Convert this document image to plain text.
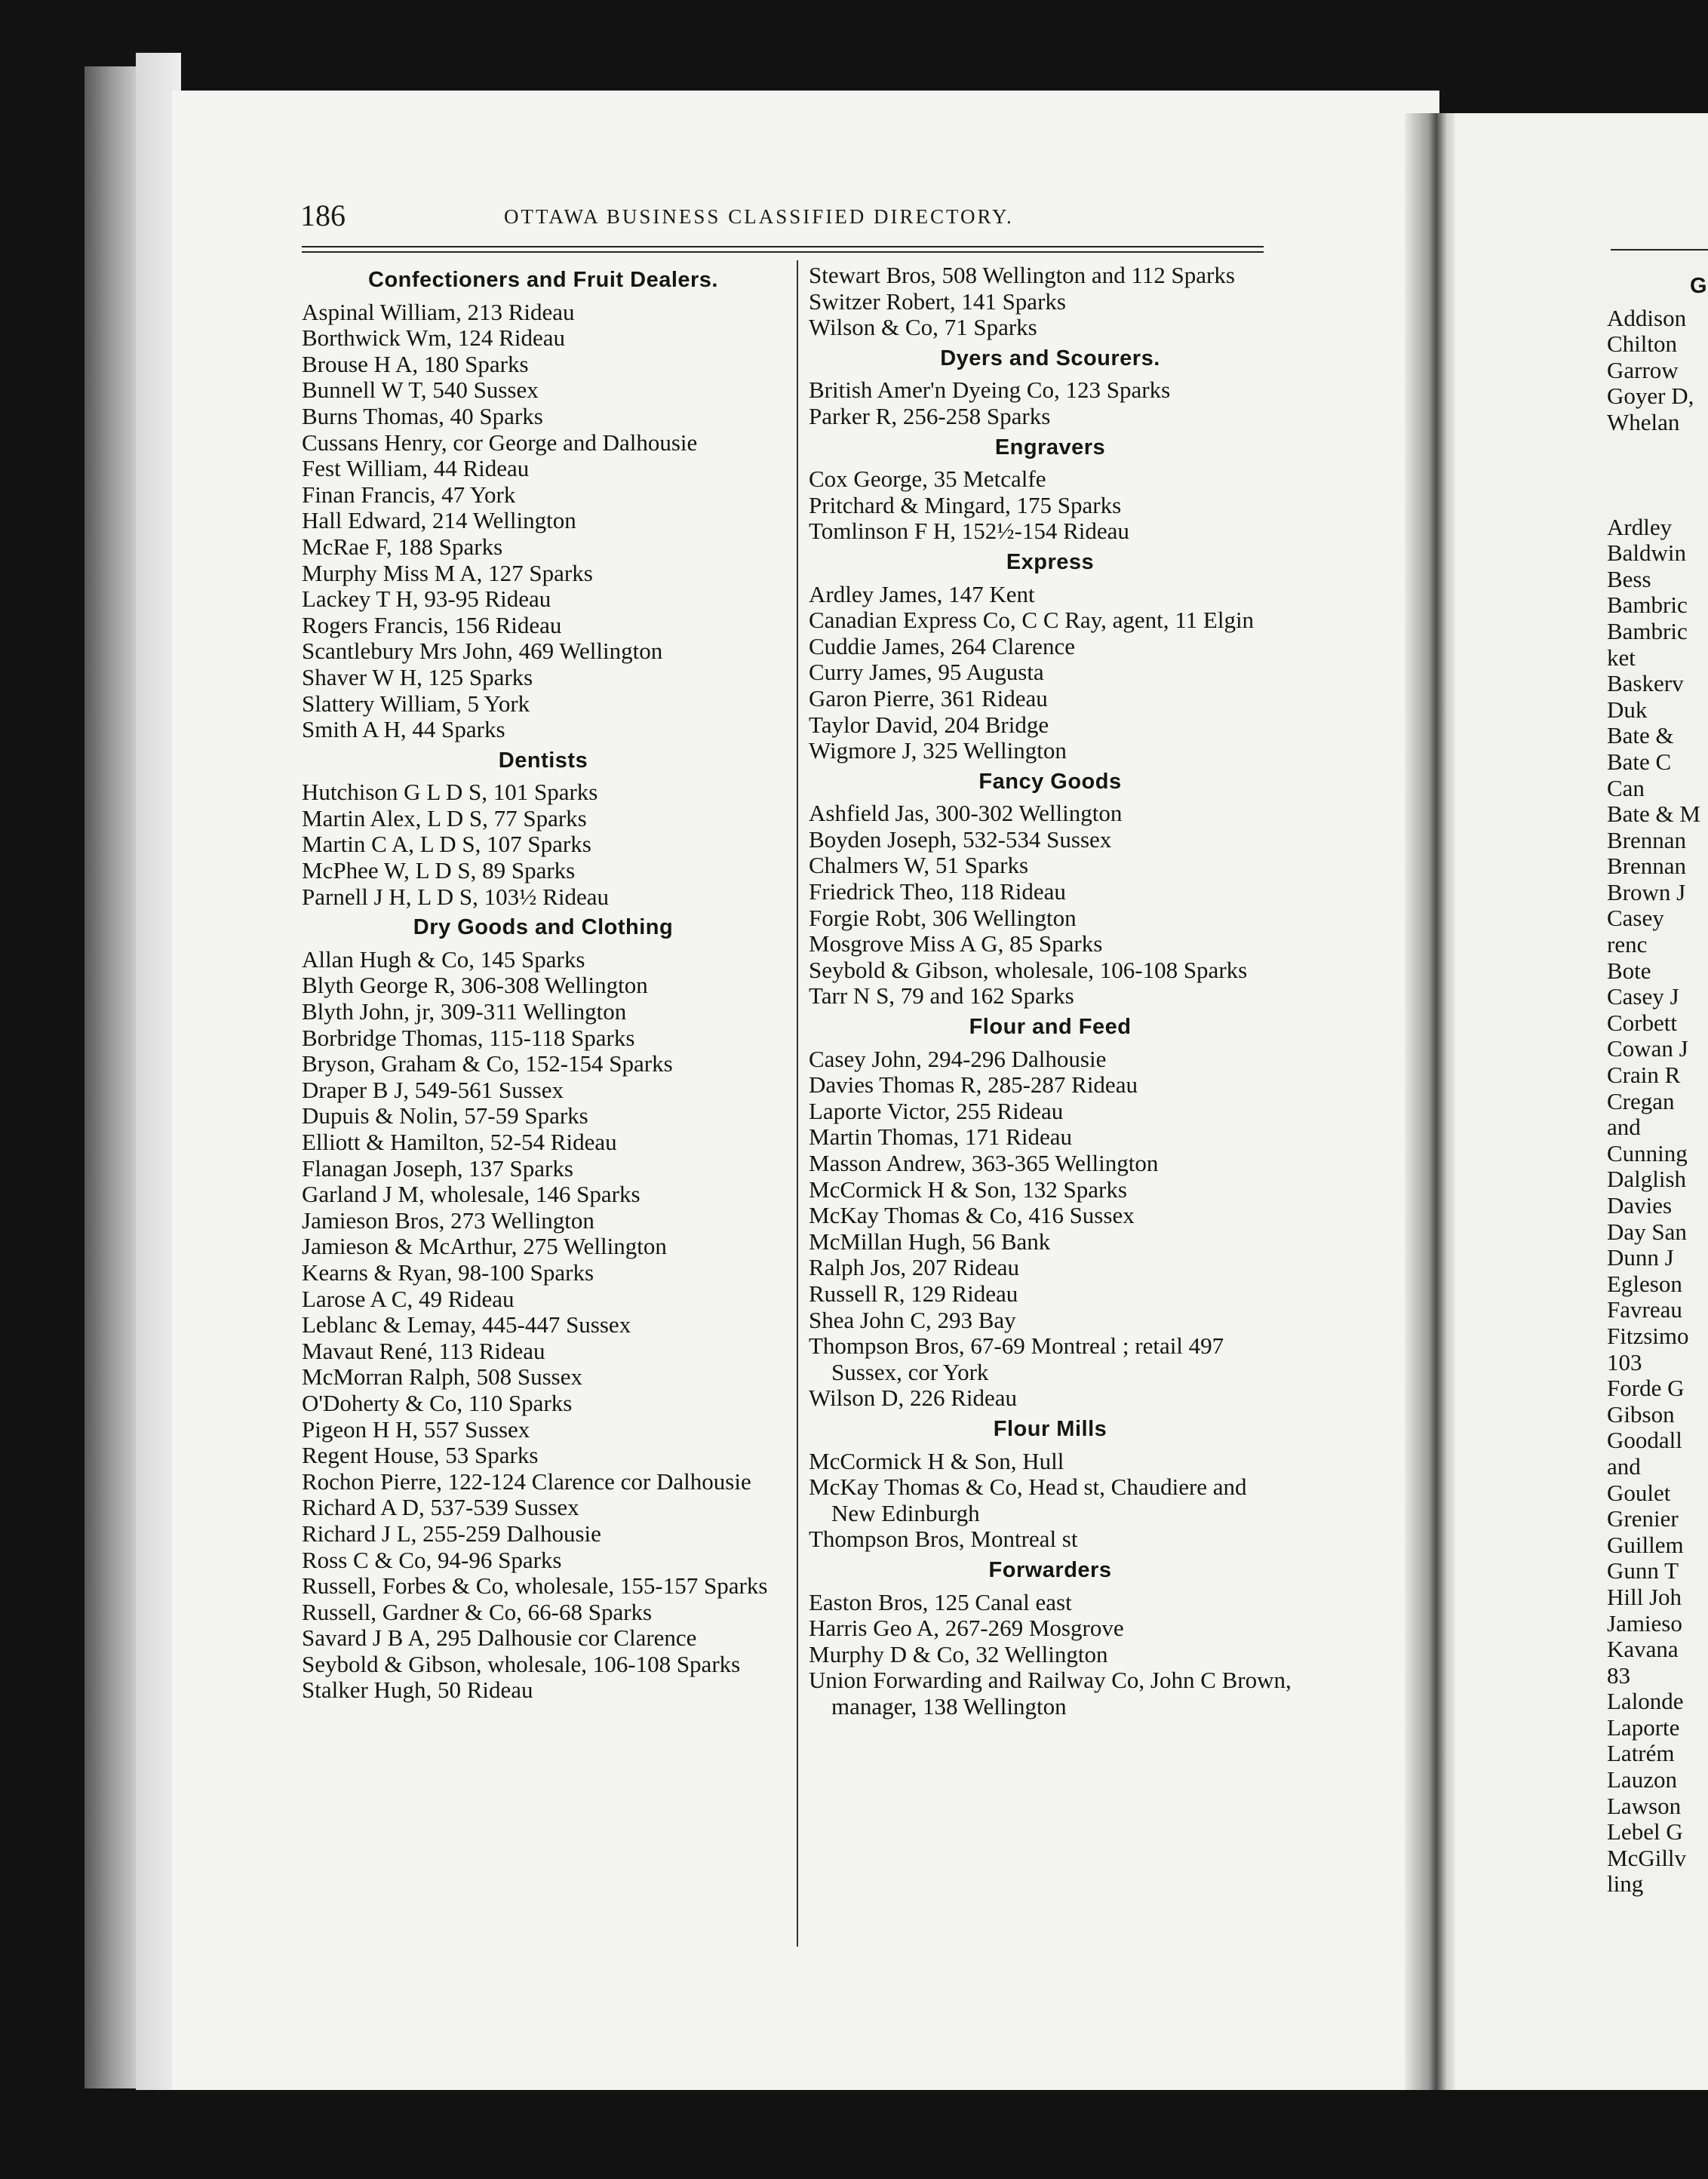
186	OTTAWA BUSINESS CLASSIFIED DIRECTORY.
Confectioners and Fruit Dealers.
Aspinal William, 213 Rideau
Borthwick Wm, 124 Rideau
Brouse H A, 180 Sparks
Bunnell W T, 540 Sussex
Burns Thomas, 40 Sparks
Cussans Henry, cor George and Dalhousie
Fest William, 44 Rideau
Finan Francis, 47 York
Hall Edward, 214 Wellington
McRae F, 188 Sparks
Murphy Miss M A, 127 Sparks
Lackey T H, 93-95 Rideau
Rogers Francis, 156 Rideau
Scantlebury Mrs John, 469 Wellington
Shaver W H, 125 Sparks
Slattery William, 5 York
Smith A H, 44 Sparks
Dentists
Hutchison G L D S, 101 Sparks
Martin Alex, L D S, 77 Sparks
Martin C A, L D S, 107 Sparks
McPhee W, L D S, 89 Sparks
Parnell J H, L D S, 103½ Rideau
Dry Goods and Clothing
Allan Hugh & Co, 145 Sparks
Blyth George R, 306-308 Wellington
Blyth John, jr, 309-311 Wellington
Borbridge Thomas, 115-118 Sparks
Bryson, Graham & Co, 152-154 Sparks
Draper B J, 549-561 Sussex
Dupuis & Nolin, 57-59 Sparks
Elliott & Hamilton, 52-54 Rideau
Flanagan Joseph, 137 Sparks
Garland J M, wholesale, 146 Sparks
Jamieson Bros, 273 Wellington
Jamieson & McArthur, 275 Wellington
Kearns & Ryan, 98-100 Sparks
Larose A C, 49 Rideau
Leblanc & Lemay, 445-447 Sussex
Mavaut René, 113 Rideau
McMorran Ralph, 508 Sussex
O'Doherty & Co, 110 Sparks
Pigeon H H, 557 Sussex
Regent House, 53 Sparks
Rochon Pierre, 122-124 Clarence cor Dalhousie
Richard A D, 537-539 Sussex
Richard J L, 255-259 Dalhousie
Ross C & Co, 94-96 Sparks
Russell, Forbes & Co, wholesale, 155-157 Sparks
Russell, Gardner & Co, 66-68 Sparks
Savard J B A, 295 Dalhousie cor Clarence
Seybold & Gibson, wholesale, 106-108 Sparks
Stalker Hugh, 50 Rideau
Stewart Bros, 508 Wellington and 112 Sparks
Switzer Robert, 141 Sparks
Wilson & Co, 71 Sparks
Dyers and Scourers.
British Amer'n Dyeing Co, 123 Sparks
Parker R, 256-258 Sparks
Engravers
Cox George, 35 Metcalfe
Pritchard & Mingard, 175 Sparks
Tomlinson F H, 152½-154 Rideau
Express
Ardley James, 147 Kent
Canadian Express Co, C C Ray, agent, 11 Elgin
Cuddie James, 264 Clarence
Curry James, 95 Augusta
Garon Pierre, 361 Rideau
Taylor David, 204 Bridge
Wigmore J, 325 Wellington
Fancy Goods
Ashfield Jas, 300-302 Wellington
Boyden Joseph, 532-534 Sussex
Chalmers W, 51 Sparks
Friedrick Theo, 118 Rideau
Forgie Robt, 306 Wellington
Mosgrove Miss A G, 85 Sparks
Seybold & Gibson, wholesale, 106-108 Sparks
Tarr N S, 79 and 162 Sparks
Flour and Feed
Casey John, 294-296 Dalhousie
Davies Thomas R, 285-287 Rideau
Laporte Victor, 255 Rideau
Martin Thomas, 171 Rideau
Masson Andrew, 363-365 Wellington
McCormick H & Son, 132 Sparks
McKay Thomas & Co, 416 Sussex
McMillan Hugh, 56 Bank
Ralph Jos, 207 Rideau
Russell R, 129 Rideau
Shea John C, 293 Bay
Thompson Bros, 67-69 Montreal ; retail 497 Sussex, cor York
Wilson D, 226 Rideau
Flour Mills
McCormick H & Son, Hull
McKay Thomas & Co, Head st, Chaudiere and New Edinburgh
Thompson Bros, Montreal st
Forwarders
Easton Bros, 125 Canal east
Harris Geo A, 267-269 Mosgrove
Murphy D & Co, 32 Wellington
Union Forwarding and Railway Co, John C Brown, manager, 138 Wellington
G
Addison
Chilton
Garrow
Goyer D,
Whelan
Ardley
Baldwin
Bess
Bambric
Bambric
ket
Baskerv
Duk
Bate &
Bate C
Can
Bate & M
Brennan
Brennan
Brown J
Casey
renc
Bote
Casey J
Corbett
Cowan J
Crain R
Cregan
and
Cunning
Dalglish
Davies
Day San
Dunn J
Egleson
Favreau
Fitzsimo
103
Forde G
Gibson
Goodall
and
Goulet
Grenier
Guillem
Gunn T
Hill Joh
Jamieso
Kavana
83
Lalonde
Laporte
Latrém
Lauzon
Lawson
Lebel G
McGillv
ling
